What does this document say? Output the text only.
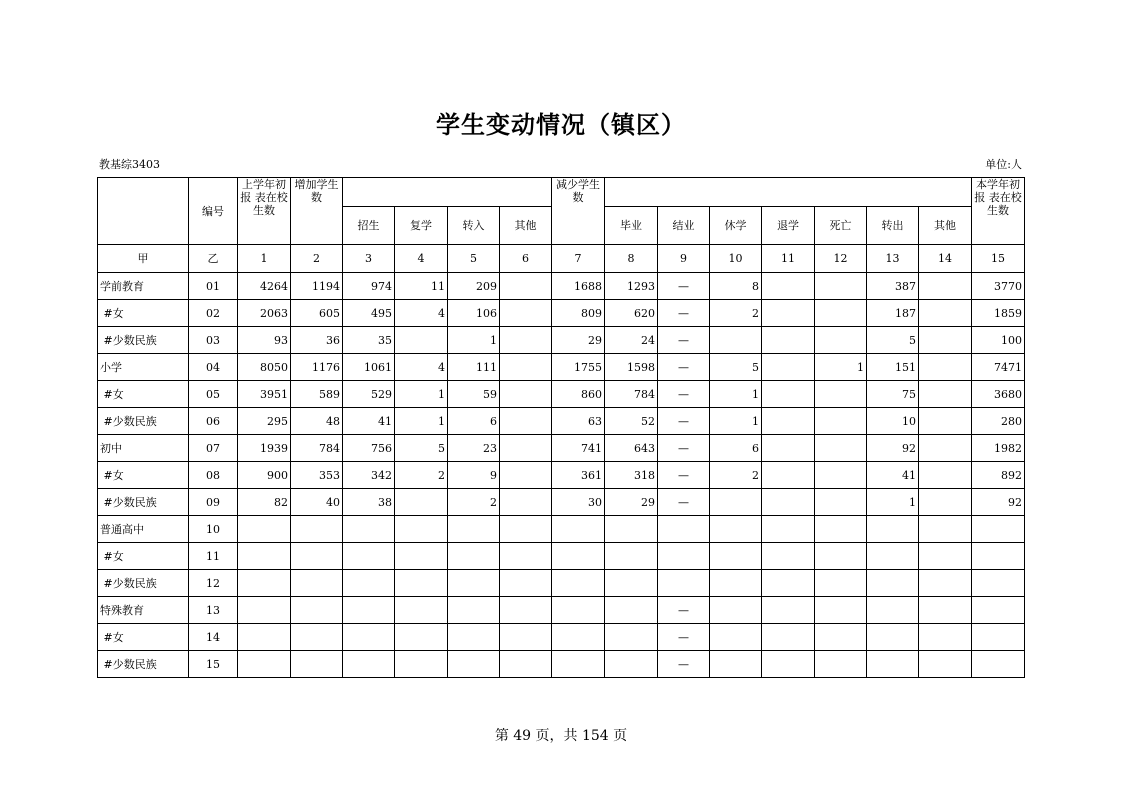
学生变动情况（镇区）
教基综3403	单位:人
	编号	上学年初报 表在校生数	增加学生数					减少学生数								本学年初报 表在校生数
				招生	复学	转入	其他		毕业	结业	休学	退学	死亡	转出	其他	
甲	乙	1	2	3	4	5	6	7	8	9	10	11	12	13	14	15
学前教育	01	4264	1194	974	11	209		1688	1293	—	8			387		3770
#女	02	2063	605	495	4	106		809	620	—	2			187		1859
#少数民族	03	93	36	35		1		29	24	—				5		100
小学	04	8050	1176	1061	4	111		1755	1598	—	5		1	151		7471
#女	05	3951	589	529	1	59		860	784	—	1			75		3680
#少数民族	06	295	48	41	1	6		63	52	—	1			10		280
初中	07	1939	784	756	5	23		741	643	—	6			92		1982
#女	08	900	353	342	2	9		361	318	—	2			41		892
#少数民族	09	82	40	38		2		30	29	—				1		92
普通高中	10															
#女	11															
#少数民族	12															
特殊教育	13									—						
#女	14									—						
#少数民族	15									—						
第 49 页，共 154 页
